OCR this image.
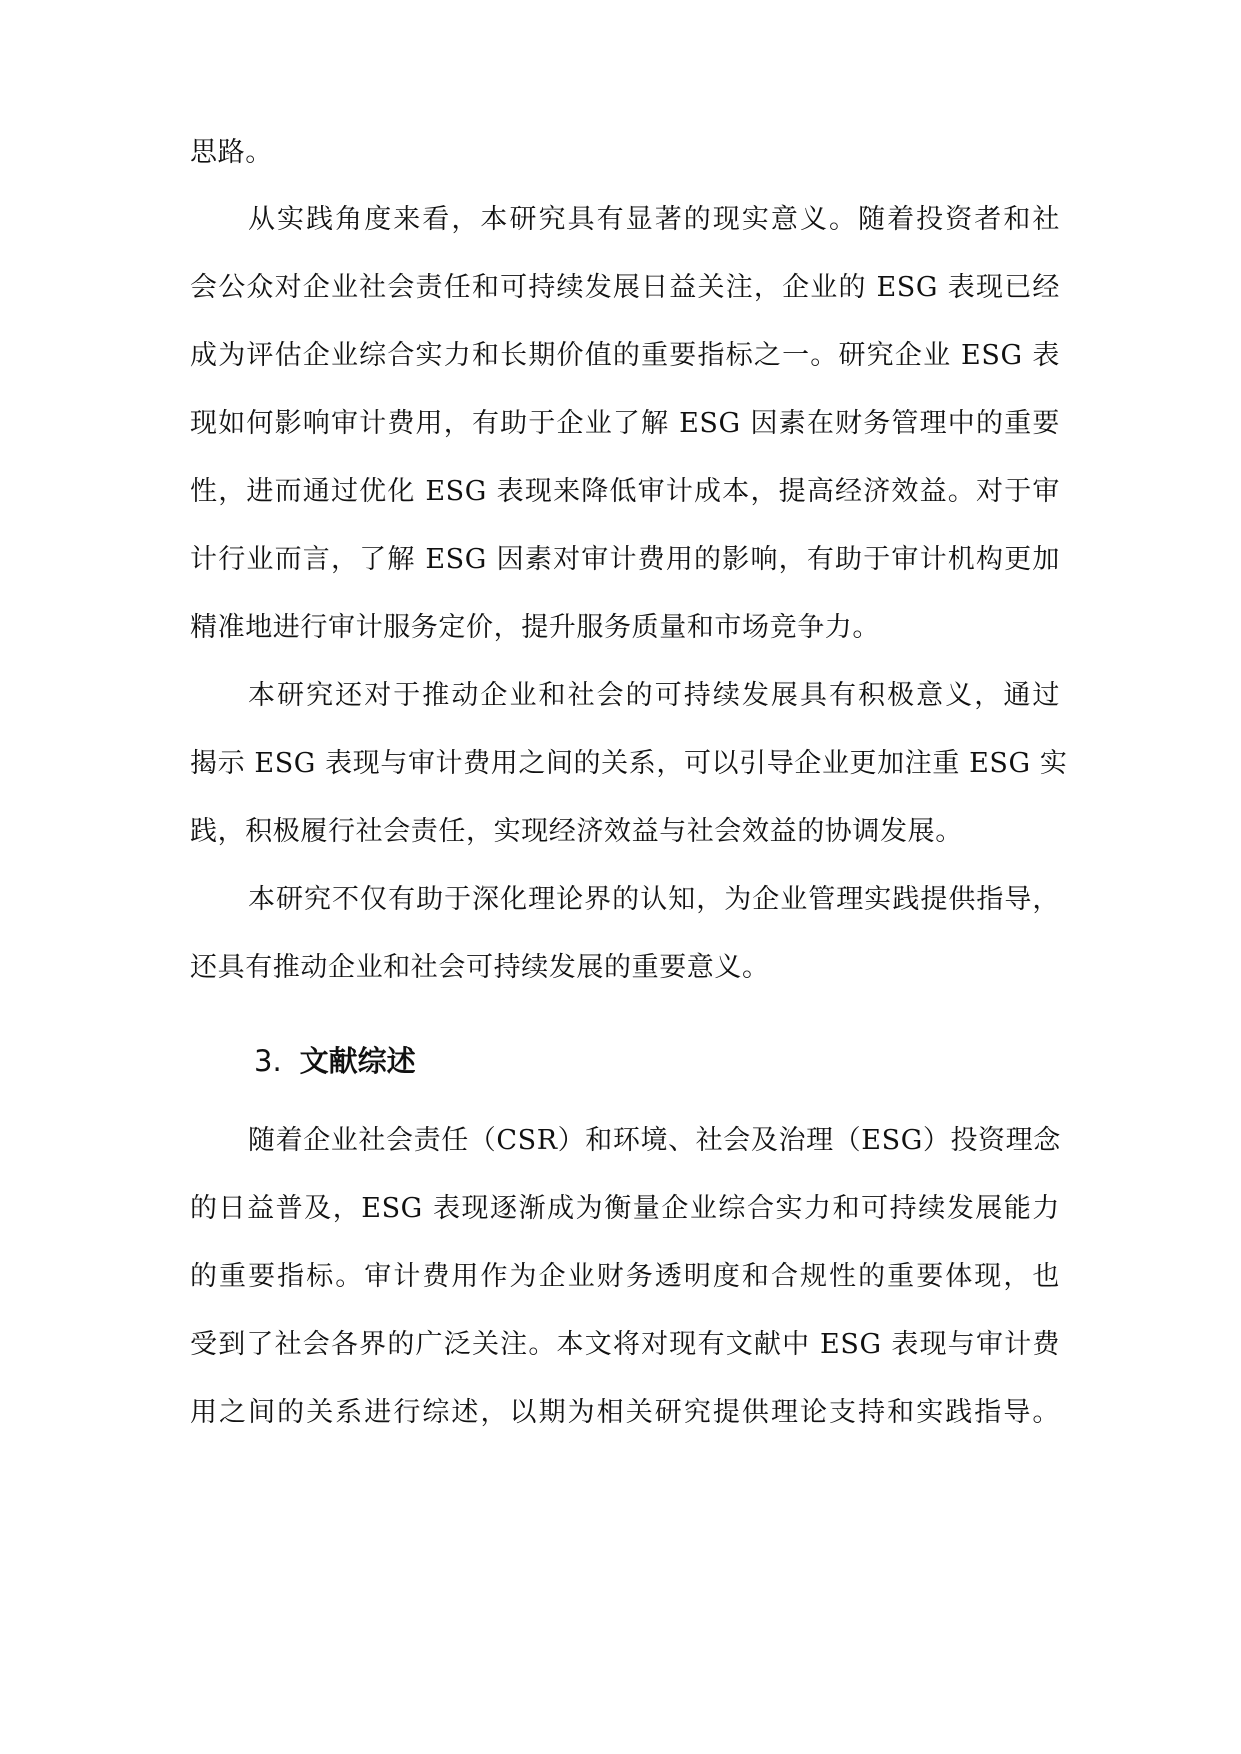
思路。
从实践角度来看，本研究具有显著的现实意义。随着投资者和社
会公众对企业社会责任和可持续发展日益关注，企业的 ESG 表现已经
成为评估企业综合实力和长期价值的重要指标之一。研究企业 ESG 表
现如何影响审计费用，有助于企业了解 ESG 因素在财务管理中的重要
性，进而通过优化 ESG 表现来降低审计成本，提高经济效益。对于审
计行业而言，了解 ESG 因素对审计费用的影响，有助于审计机构更加
精准地进行审计服务定价，提升服务质量和市场竞争力。
本研究还对于推动企业和社会的可持续发展具有积极意义，通过
揭示 ESG 表现与审计费用之间的关系，可以引导企业更加注重 ESG 实
践，积极履行社会责任，实现经济效益与社会效益的协调发展。
本研究不仅有助于深化理论界的认知，为企业管理实践提供指导，
还具有推动企业和社会可持续发展的重要意义。
3. 文献综述
随着企业社会责任（CSR）和环境、社会及治理（ESG）投资理念
的日益普及，ESG 表现逐渐成为衡量企业综合实力和可持续发展能力
的重要指标。审计费用作为企业财务透明度和合规性的重要体现，也
受到了社会各界的广泛关注。本文将对现有文献中 ESG 表现与审计费
用之间的关系进行综述，以期为相关研究提供理论支持和实践指导。
